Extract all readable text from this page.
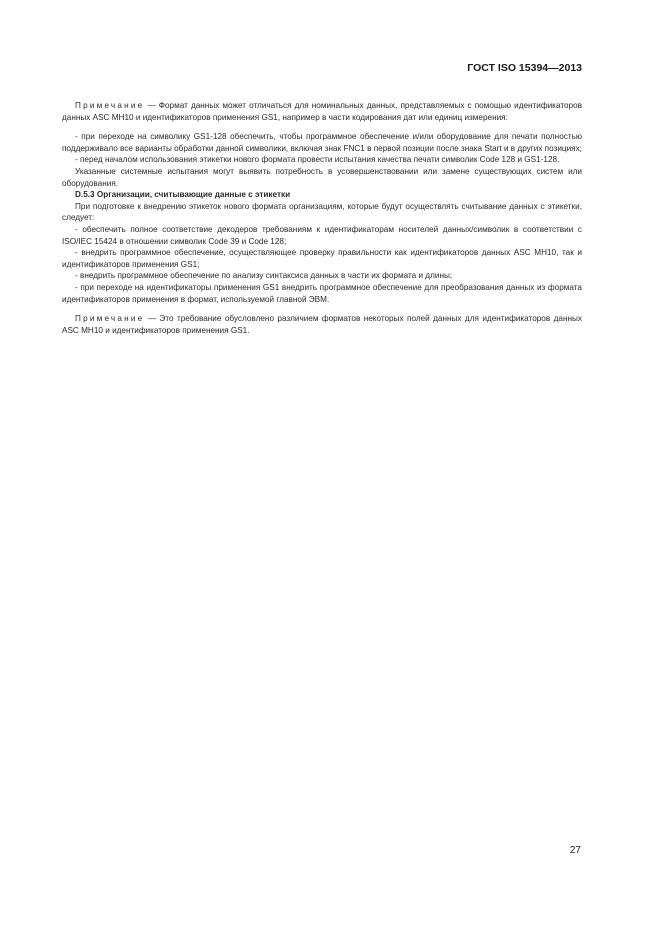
ГОСТ ISO 15394—2013

Примечание — Формат данных может отличаться для номинальных данных, представляемых с помощью идентификаторов данных ASC MH10 и идентификаторов применения GS1, например в части кодирования дат или единиц измерения:

- при переходе на символику GS1-128 обеспечить, чтобы программное обеспечение и/или оборудование для печати полностью поддерживало все варианты обработки данной символики, включая знак FNC1 в первой позиции после знака Start и в других позициях;

- перед началом использования этикетки нового формата провести испытания качества печати символик Code 128 и GS1-128.

Указанные системные испытания могут выявить потребность в усовершенствовании или замене существующих систем или оборудования.

D.5.3 Организации, считывающие данные с этикетки

При подготовке к внедрению этикеток нового формата организациям, которые будут осуществлять считывание данных с этикетки, следует:

- обеспечить полное соответствие декодеров требованиям к идентификаторам носителей данных/символик в соответствии с ISO/IEC 15424 в отношении символик Code 39 и Code 128;

- внедрить программное обеспечение, осуществляющее проверку правильности как идентификаторов данных ASC MH10, так и идентификаторов применения GS1;

- внедрить программное обеспечение по анализу синтаксиса данных в части их формата и длины;

- при переходе на идентификаторы применения GS1 внедрить программное обеспечение для преобразования данных из формата идентификаторов применения в формат, используемой главной ЭВМ.

Примечание — Это требование обусловлено различием форматов некоторых полей данных для идентификаторов данных ASC MH10 и идентификаторов применения GS1.

27
